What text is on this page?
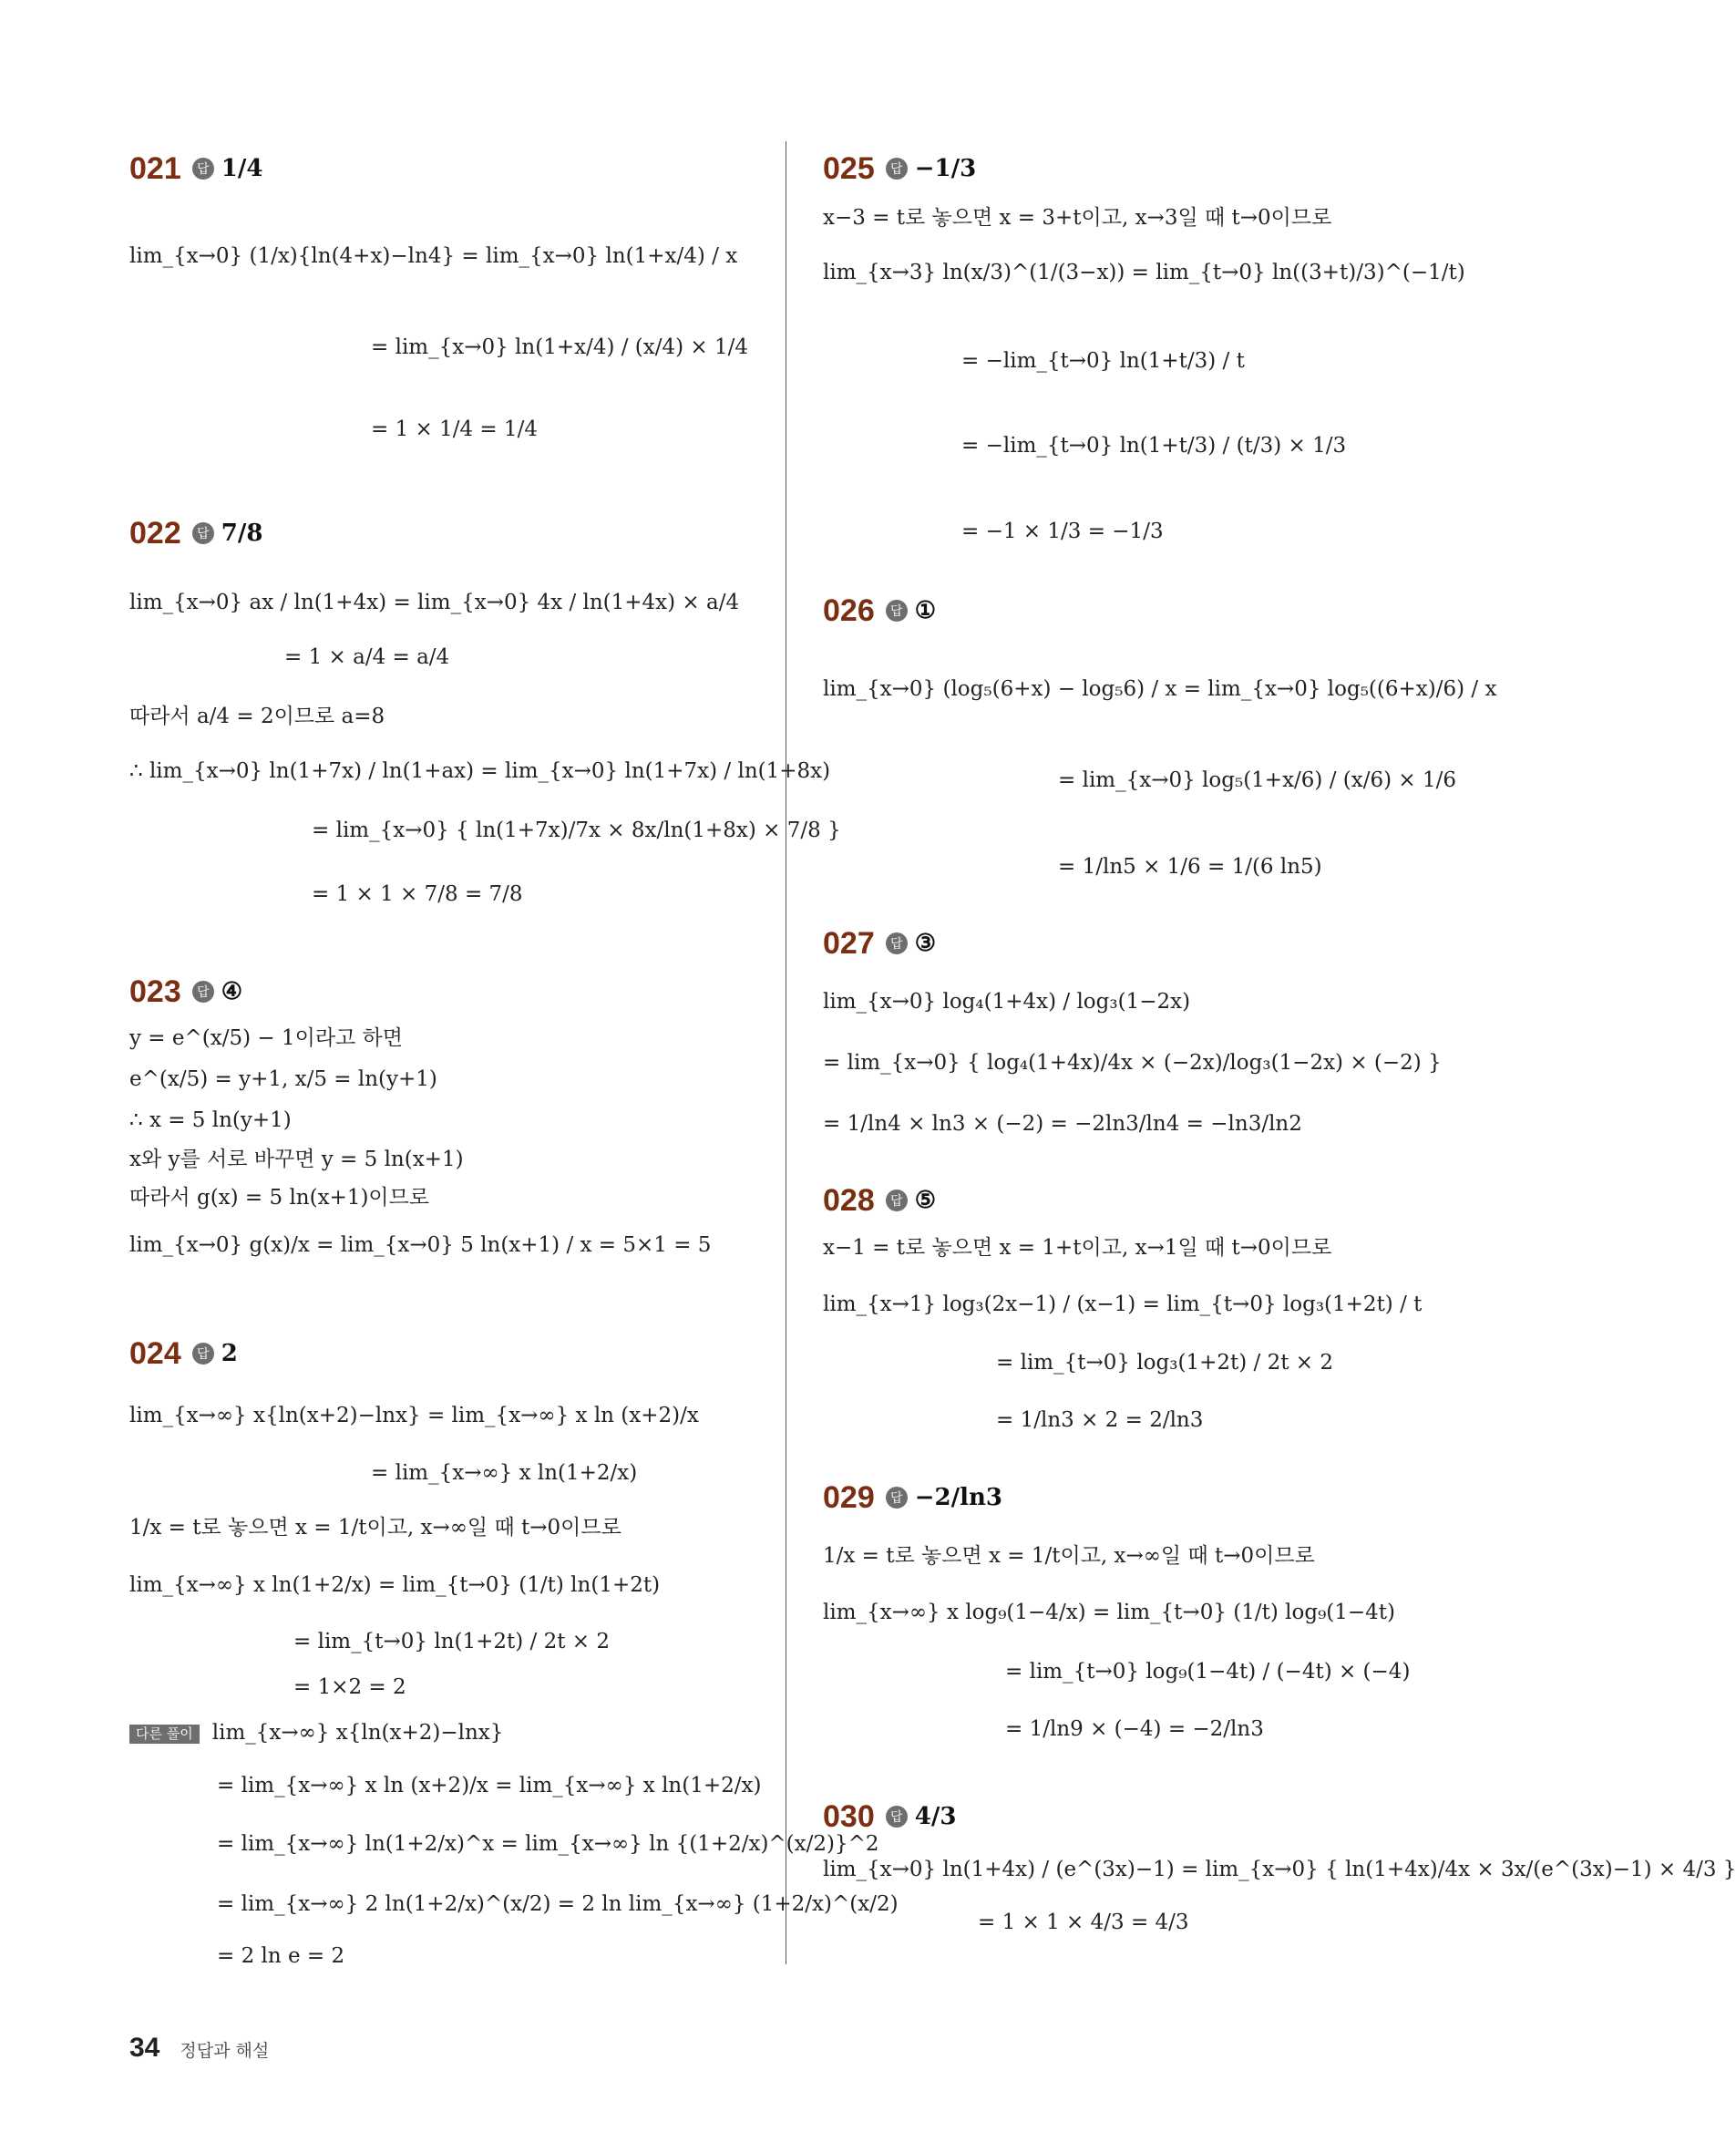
021	답 1/4
lim_{x→0} (1/x){ln(4+x)−ln4} = lim_{x→0} ln(1+x/4) / x
= lim_{x→0} ln(1+x/4) / (x/4) × 1/4
= 1 × 1/4 = 1/4
022	답 7/8
lim_{x→0} ax / ln(1+4x) = lim_{x→0} 4x / ln(1+4x) × a/4
= 1 × a/4 = a/4
따라서 a/4 = 2이므로 a=8
∴ lim_{x→0} ln(1+7x) / ln(1+ax) = lim_{x→0} ln(1+7x) / ln(1+8x)
= lim_{x→0} { ln(1+7x)/7x × 8x/ln(1+8x) × 7/8 }
= 1 × 1 × 7/8 = 7/8
023	답 ④
y = e^(x/5) − 1이라고 하면
e^(x/5) = y+1, x/5 = ln(y+1)
∴ x = 5 ln(y+1)
x와 y를 서로 바꾸면 y = 5 ln(x+1)
따라서 g(x) = 5 ln(x+1)이므로
lim_{x→0} g(x)/x = lim_{x→0} 5 ln(x+1) / x = 5×1 = 5
024	답 2
lim_{x→∞} x{ln(x+2)−lnx} = lim_{x→∞} x ln (x+2)/x
= lim_{x→∞} x ln(1+2/x)
1/x = t로 놓으면 x = 1/t이고, x→∞일 때 t→0이므로
lim_{x→∞} x ln(1+2/x) = lim_{t→0} (1/t) ln(1+2t)
= lim_{t→0} ln(1+2t) / 2t × 2
= 1×2 = 2
다른 풀이 lim_{x→∞} x{ln(x+2)−lnx}
= lim_{x→∞} x ln (x+2)/x = lim_{x→∞} x ln(1+2/x)
= lim_{x→∞} ln(1+2/x)^x = lim_{x→∞} ln {(1+2/x)^(x/2)}^2
= lim_{x→∞} 2 ln(1+2/x)^(x/2) = 2 ln lim_{x→∞} (1+2/x)^(x/2)
= 2 ln e = 2
025	답 −1/3
x−3 = t로 놓으면 x = 3+t이고, x→3일 때 t→0이므로
lim_{x→3} ln(x/3)^(1/(3−x)) = lim_{t→0} ln((3+t)/3)^(−1/t)
= −lim_{t→0} ln(1+t/3) / t
= −lim_{t→0} ln(1+t/3) / (t/3) × 1/3
= −1 × 1/3 = −1/3
026	답 ①
lim_{x→0} (log₅(6+x) − log₅6) / x = lim_{x→0} log₅((6+x)/6) / x
= lim_{x→0} log₅(1+x/6) / (x/6) × 1/6
= 1/ln5 × 1/6 = 1/(6 ln5)
027	답 ③
lim_{x→0} log₄(1+4x) / log₃(1−2x)
= lim_{x→0} { log₄(1+4x)/4x × (−2x)/log₃(1−2x) × (−2) }
= 1/ln4 × ln3 × (−2) = −2ln3/ln4 = −ln3/ln2
028	답 ⑤
x−1 = t로 놓으면 x = 1+t이고, x→1일 때 t→0이므로
lim_{x→1} log₃(2x−1) / (x−1) = lim_{t→0} log₃(1+2t) / t
= lim_{t→0} log₃(1+2t) / 2t × 2
= 1/ln3 × 2 = 2/ln3
029	답 −2/ln3
1/x = t로 놓으면 x = 1/t이고, x→∞일 때 t→0이므로
lim_{x→∞} x log₉(1−4/x) = lim_{t→0} (1/t) log₉(1−4t)
= lim_{t→0} log₉(1−4t) / (−4t) × (−4)
= 1/ln9 × (−4) = −2/ln3
030	답 4/3
lim_{x→0} ln(1+4x) / (e^(3x)−1) = lim_{x→0} { ln(1+4x)/4x × 3x/(e^(3x)−1) × 4/3 }
= 1 × 1 × 4/3 = 4/3
34 정답과 해설
